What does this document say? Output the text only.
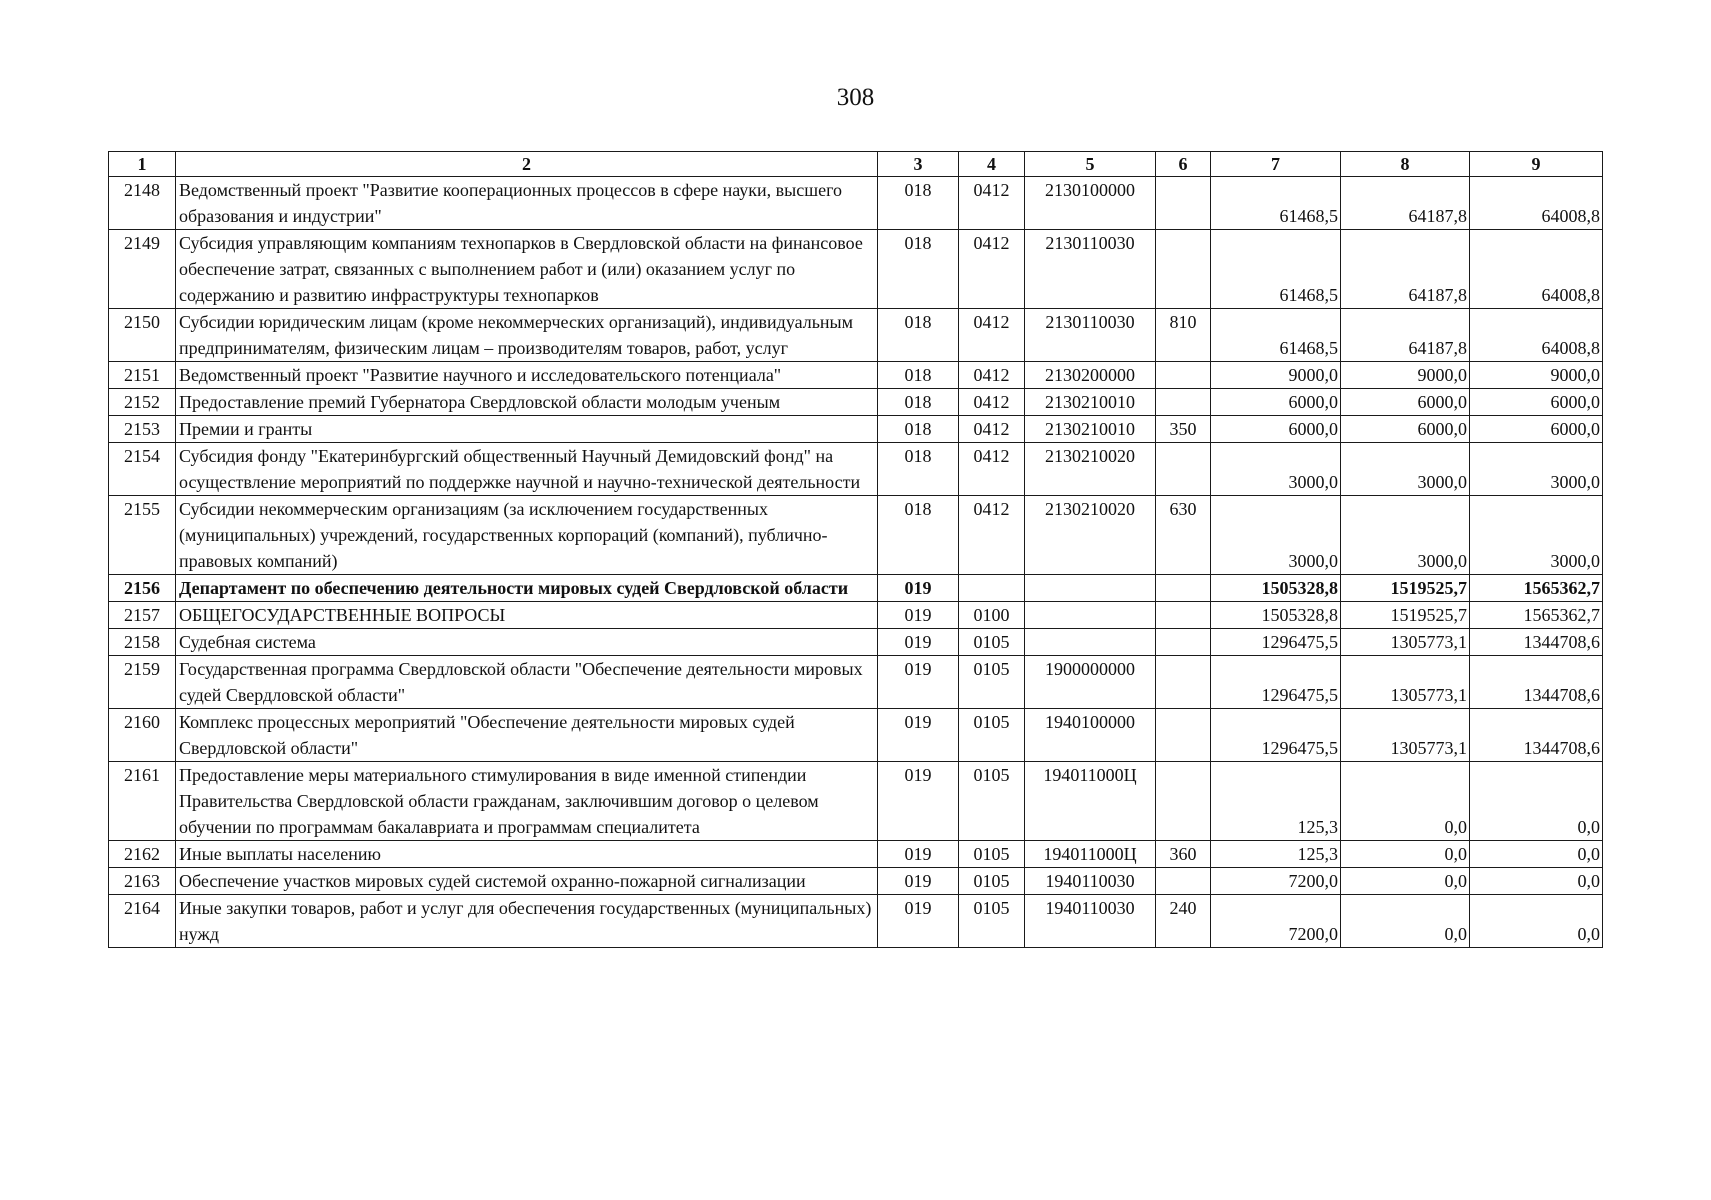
308
1	2	3	4	5	6	7	8	9
2148	Ведомственный проект "Развитие кооперационных процессов в сфере науки, высшего образования и индустрии"	018	0412	2130100000		61468,5	64187,8	64008,8
2149	Субсидия управляющим компаниям технопарков в Свердловской области на финансовое обеспечение затрат, связанных с выполнением работ и (или) оказанием услуг по содержанию и развитию инфраструктуры технопарков	018	0412	2130110030		61468,5	64187,8	64008,8
2150	Субсидии юридическим лицам (кроме некоммерческих организаций), индивидуальным предпринимателям, физическим лицам – производителям товаров, работ, услуг	018	0412	2130110030	810	61468,5	64187,8	64008,8
2151	Ведомственный проект "Развитие научного и исследовательского потенциала"	018	0412	2130200000		9000,0	9000,0	9000,0
2152	Предоставление премий Губернатора Свердловской области молодым ученым	018	0412	2130210010		6000,0	6000,0	6000,0
2153	Премии и гранты	018	0412	2130210010	350	6000,0	6000,0	6000,0
2154	Субсидия фонду "Екатеринбургский общественный Научный Демидовский фонд" на осуществление мероприятий по поддержке научной и научно-технической деятельности	018	0412	2130210020		3000,0	3000,0	3000,0
2155	Субсидии некоммерческим организациям (за исключением государственных (муниципальных) учреждений, государственных корпораций (компаний), публично-правовых компаний)	018	0412	2130210020	630	3000,0	3000,0	3000,0
2156	Департамент по обеспечению деятельности мировых судей Свердловской области	019				1505328,8	1519525,7	1565362,7
2157	ОБЩЕГОСУДАРСТВЕННЫЕ ВОПРОСЫ	019	0100			1505328,8	1519525,7	1565362,7
2158	Судебная система	019	0105			1296475,5	1305773,1	1344708,6
2159	Государственная программа Свердловской области "Обеспечение деятельности мировых судей Свердловской области"	019	0105	1900000000		1296475,5	1305773,1	1344708,6
2160	Комплекс процессных мероприятий "Обеспечение деятельности мировых судей Свердловской области"	019	0105	1940100000		1296475,5	1305773,1	1344708,6
2161	Предоставление меры материального стимулирования в виде именной стипендии Правительства Свердловской области гражданам, заключившим договор о целевом обучении по программам бакалавриата и программам специалитета	019	0105	194011000Ц		125,3	0,0	0,0
2162	Иные выплаты населению	019	0105	194011000Ц	360	125,3	0,0	0,0
2163	Обеспечение участков мировых судей системой охранно-пожарной сигнализации	019	0105	1940110030		7200,0	0,0	0,0
2164	Иные закупки товаров, работ и услуг для обеспечения государственных (муниципальных) нужд	019	0105	1940110030	240	7200,0	0,0	0,0
